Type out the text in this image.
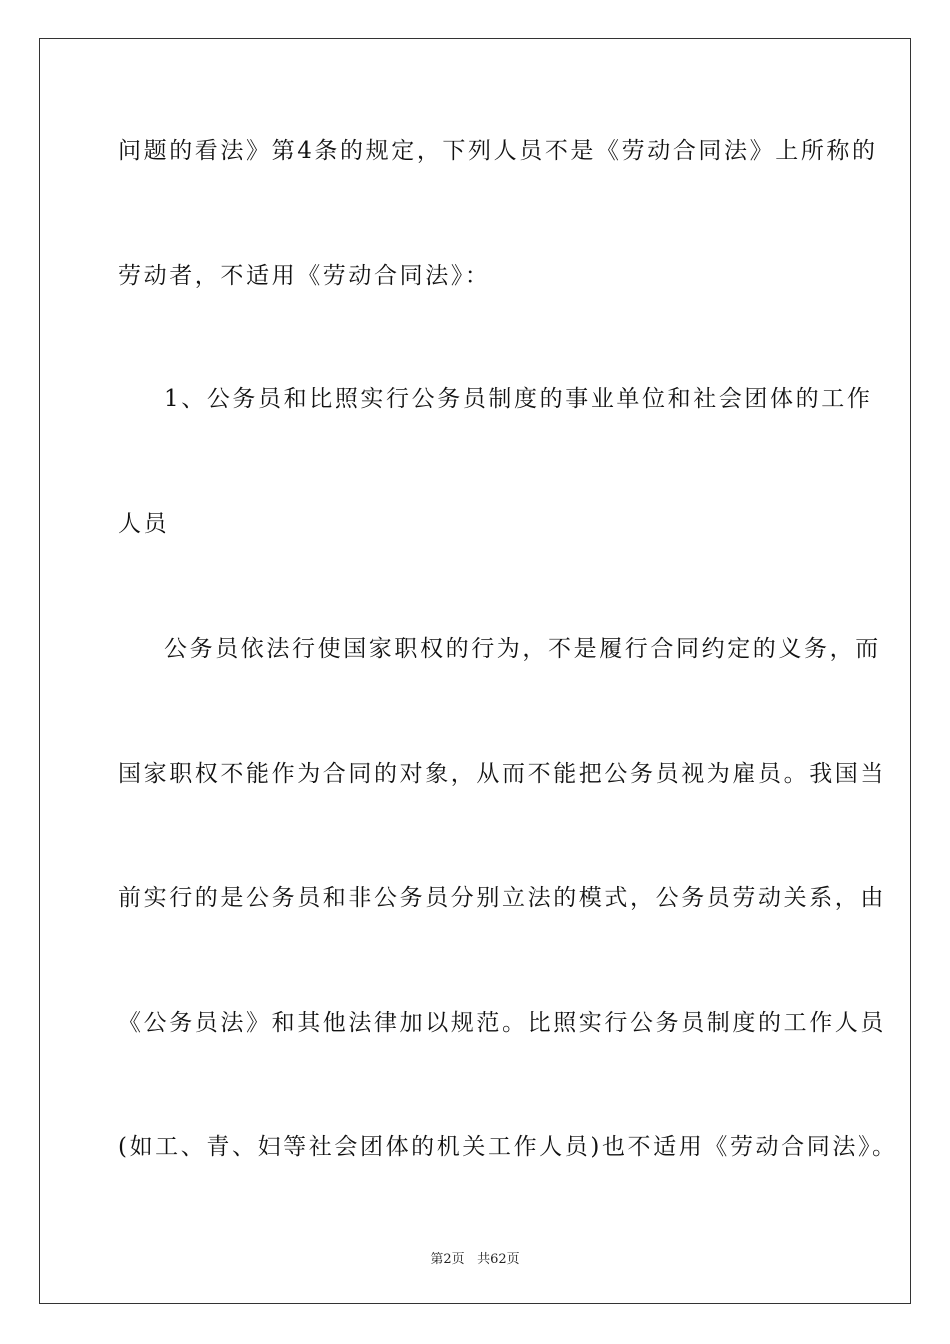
问题的看法》第4条的规定，下列人员不是《劳动合同法》上所称的
劳动者，不适用《劳动合同法》：
1、公务员和比照实行公务员制度的事业单位和社会团体的工作
人员
公务员依法行使国家职权的行为，不是履行合同约定的义务，而
国家职权不能作为合同的对象，从而不能把公务员视为雇员。我国当
前实行的是公务员和非公务员分别立法的模式，公务员劳动关系，由
《公务员法》和其他法律加以规范。比照实行公务员制度的工作人员
(如工、青、妇等社会团体的机关工作人员)也不适用《劳动合同法》。
第2页 共62页
